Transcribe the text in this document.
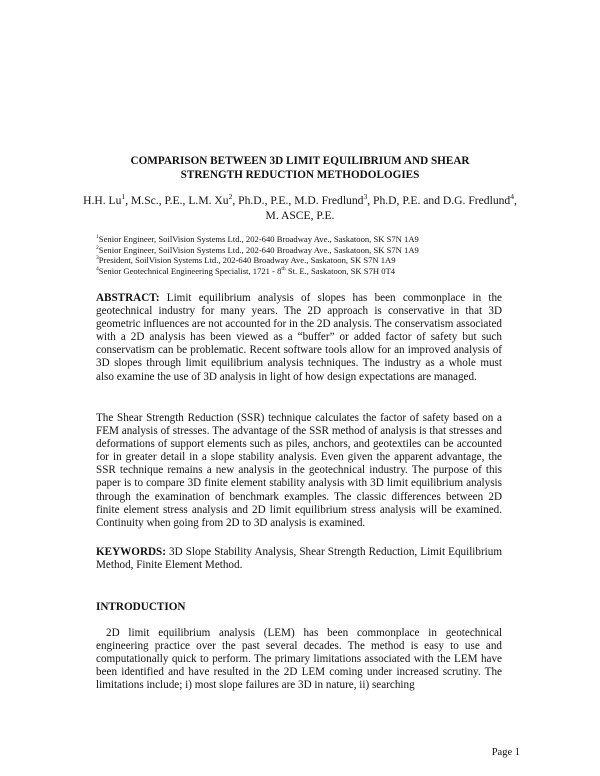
COMPARISON BETWEEN 3D LIMIT EQUILIBRIUM AND SHEAR
STRENGTH REDUCTION METHODOLOGIES
H.H. Lu$^1$, M.Sc., P.E., L.M. Xu$^2$, Ph.D., P.E., M.D. Fredlund$^3$, Ph.D, P.E. and D.G. Fredlund$^4$, M. ASCE, P.E.
$^1$Senior Engineer, SoilVision Systems Ltd., 202-640 Broadway Ave., Saskatoon, SK S7N 1A9
$^2$Senior Engineer, SoilVision Systems Ltd., 202-640 Broadway Ave., Saskatoon, SK S7N 1A9
$^3$President, SoilVision Systems Ltd., 202-640 Broadway Ave., Saskatoon, SK S7N 1A9
$^4$Senior Geotechnical Engineering Specialist, 1721 - 8th St. E., Saskatoon, SK S7H 0T4
ABSTRACT: Limit equilibrium analysis of slopes has been commonplace in the geotechnical industry for many years. The 2D approach is conservative in that 3D geometric influences are not accounted for in the 2D analysis. The conservatism associated with a 2D analysis has been viewed as a “buffer” or added factor of safety but such conservatism can be problematic. Recent software tools allow for an improved analysis of 3D slopes through limit equilibrium analysis techniques. The industry as a whole must also examine the use of 3D analysis in light of how design expectations are managed.
The Shear Strength Reduction (SSR) technique calculates the factor of safety based on a FEM analysis of stresses. The advantage of the SSR method of analysis is that stresses and deformations of support elements such as piles, anchors, and geotextiles can be accounted for in greater detail in a slope stability analysis. Even given the apparent advantage, the SSR technique remains a new analysis in the geotechnical industry. The purpose of this paper is to compare 3D finite element stability analysis with 3D limit equilibrium analysis through the examination of benchmark examples. The classic differences between 2D finite element stress analysis and 2D limit equilibrium stress analysis will be examined. Continuity when going from 2D to 3D analysis is examined.
KEYWORDS: 3D Slope Stability Analysis, Shear Strength Reduction, Limit Equilibrium Method, Finite Element Method.
INTRODUCTION
2D limit equilibrium analysis (LEM) has been commonplace in geotechnical engineering practice over the past several decades. The method is easy to use and computationally quick to perform. The primary limitations associated with the LEM have been identified and have resulted in the 2D LEM coming under increased scrutiny. The limitations include; i) most slope failures are 3D in nature, ii) searching
Page 1
